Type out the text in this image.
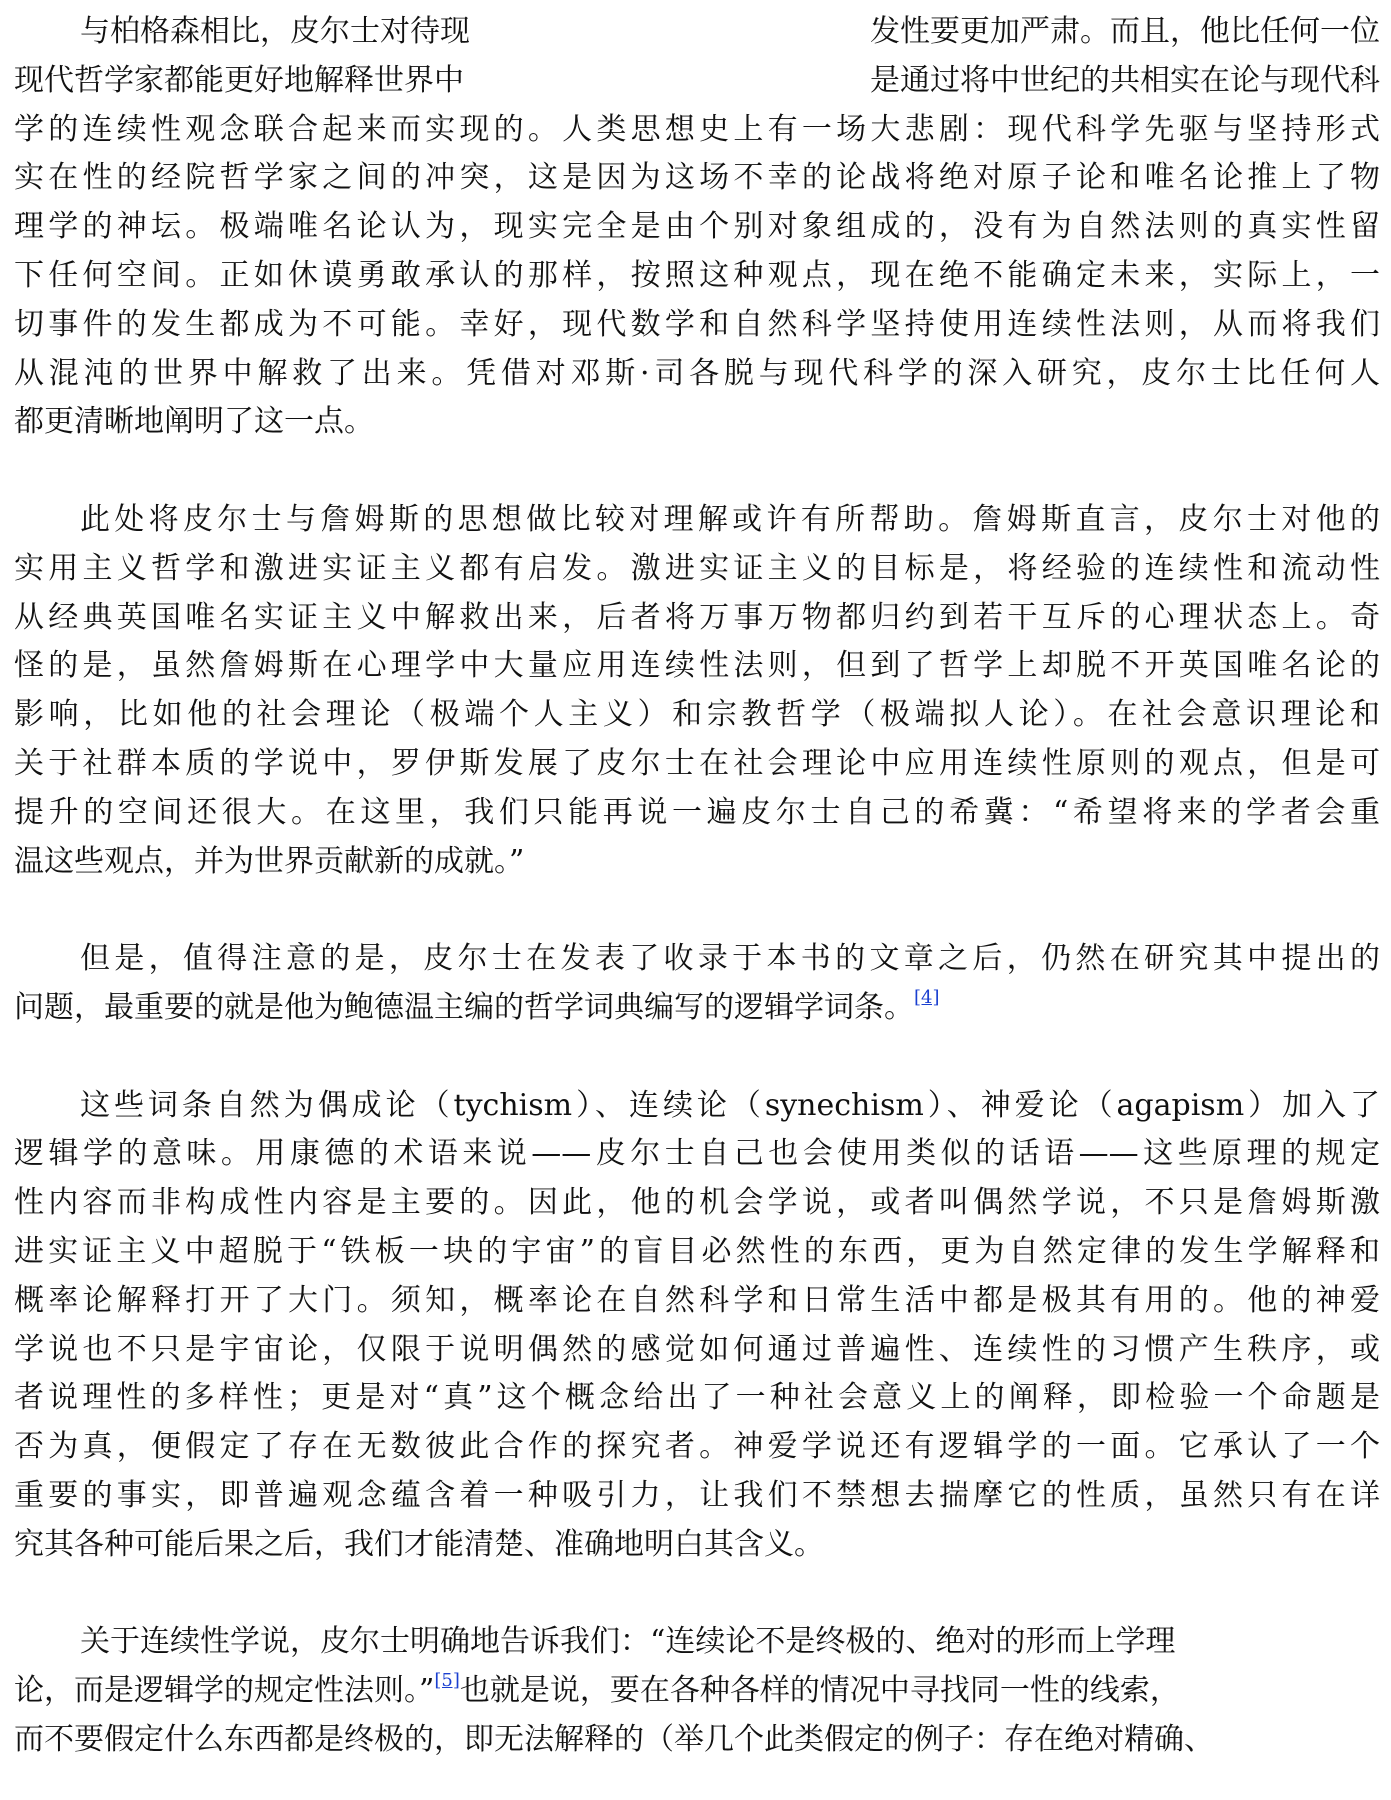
与柏格森相比，皮尔士对待现	发性要更加严肃。而且，他比任何一位
现代哲学家都能更好地解释世界中	是通过将中世纪的共相实在论与现代科
学的连续性观念联合起来而实现的。人类思想史上有一场大悲剧：现代科学先驱与坚持形式
实在性的经院哲学家之间的冲突，这是因为这场不幸的论战将绝对原子论和唯名论推上了物
理学的神坛。极端唯名论认为，现实完全是由个别对象组成的，没有为自然法则的真实性留
下任何空间。正如休谟勇敢承认的那样，按照这种观点，现在绝不能确定未来，实际上，一
切事件的发生都成为不可能。幸好，现代数学和自然科学坚持使用连续性法则，从而将我们
从混沌的世界中解救了出来。凭借对邓斯·司各脱与现代科学的深入研究，皮尔士比任何人
都更清晰地阐明了这一点。
此处将皮尔士与詹姆斯的思想做比较对理解或许有所帮助。詹姆斯直言，皮尔士对他的
实用主义哲学和激进实证主义都有启发。激进实证主义的目标是，将经验的连续性和流动性
从经典英国唯名实证主义中解救出来，后者将万事万物都归约到若干互斥的心理状态上。奇
怪的是，虽然詹姆斯在心理学中大量应用连续性法则，但到了哲学上却脱不开英国唯名论的
影响，比如他的社会理论（极端个人主义）和宗教哲学（极端拟人论）。在社会意识理论和
关于社群本质的学说中，罗伊斯发展了皮尔士在社会理论中应用连续性原则的观点，但是可
提升的空间还很大。在这里，我们只能再说一遍皮尔士自己的希冀：“希望将来的学者会重
温这些观点，并为世界贡献新的成就。”
但是，值得注意的是，皮尔士在发表了收录于本书的文章之后，仍然在研究其中提出的
问题，最重要的就是他为鲍德温主编的哲学词典编写的逻辑学词条。[4]
这些词条自然为偶成论（tychism）、连续论（synechism）、神爱论（agapism）加入了
逻辑学的意味。用康德的术语来说——皮尔士自己也会使用类似的话语——这些原理的规定
性内容而非构成性内容是主要的。因此，他的机会学说，或者叫偶然学说，不只是詹姆斯激
进实证主义中超脱于“铁板一块的宇宙”的盲目必然性的东西，更为自然定律的发生学解释和
概率论解释打开了大门。须知，概率论在自然科学和日常生活中都是极其有用的。他的神爱
学说也不只是宇宙论，仅限于说明偶然的感觉如何通过普遍性、连续性的习惯产生秩序，或
者说理性的多样性；更是对“真”这个概念给出了一种社会意义上的阐释，即检验一个命题是
否为真，便假定了存在无数彼此合作的探究者。神爱学说还有逻辑学的一面。它承认了一个
重要的事实，即普遍观念蕴含着一种吸引力，让我们不禁想去揣摩它的性质，虽然只有在详
究其各种可能后果之后，我们才能清楚、准确地明白其含义。
关于连续性学说，皮尔士明确地告诉我们：“连续论不是终极的、绝对的形而上学理
论，而是逻辑学的规定性法则。”[5]也就是说，要在各种各样的情况中寻找同一性的线索，
而不要假定什么东西都是终极的，即无法解释的（举几个此类假定的例子：存在绝对精确、
